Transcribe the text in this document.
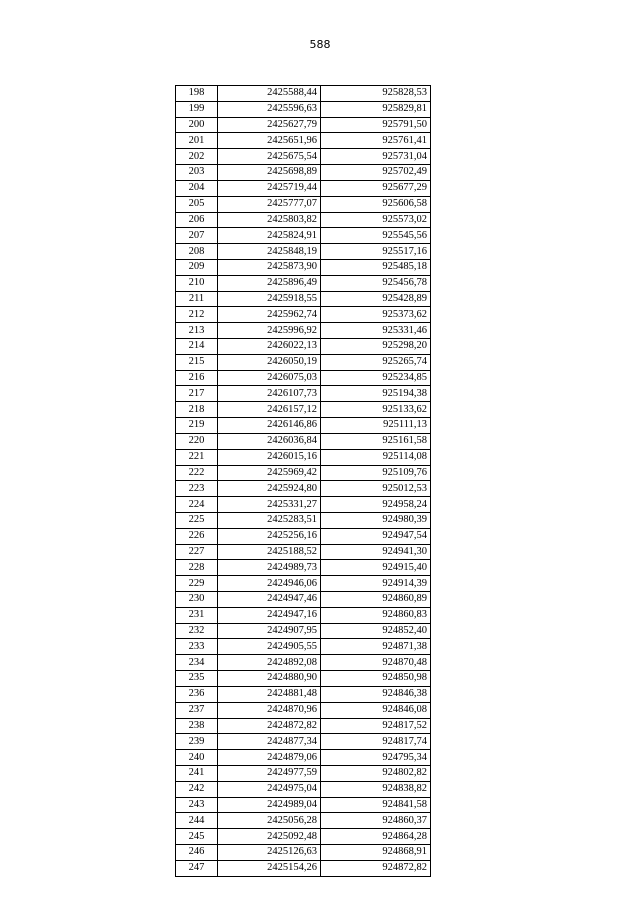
588
198	2425588,44	925828,53
199	2425596,63	925829,81
200	2425627,79	925791,50
201	2425651,96	925761,41
202	2425675,54	925731,04
203	2425698,89	925702,49
204	2425719,44	925677,29
205	2425777,07	925606,58
206	2425803,82	925573,02
207	2425824,91	925545,56
208	2425848,19	925517,16
209	2425873,90	925485,18
210	2425896,49	925456,78
211	2425918,55	925428,89
212	2425962,74	925373,62
213	2425996,92	925331,46
214	2426022,13	925298,20
215	2426050,19	925265,74
216	2426075,03	925234,85
217	2426107,73	925194,38
218	2426157,12	925133,62
219	2426146,86	925111,13
220	2426036,84	925161,58
221	2426015,16	925114,08
222	2425969,42	925109,76
223	2425924,80	925012,53
224	2425331,27	924958,24
225	2425283,51	924980,39
226	2425256,16	924947,54
227	2425188,52	924941,30
228	2424989,73	924915,40
229	2424946,06	924914,39
230	2424947,46	924860,89
231	2424947,16	924860,83
232	2424907,95	924852,40
233	2424905,55	924871,38
234	2424892,08	924870,48
235	2424880,90	924850,98
236	2424881,48	924846,38
237	2424870,96	924846,08
238	2424872,82	924817,52
239	2424877,34	924817,74
240	2424879,06	924795,34
241	2424977,59	924802,82
242	2424975,04	924838,82
243	2424989,04	924841,58
244	2425056,28	924860,37
245	2425092,48	924864,28
246	2425126,63	924868,91
247	2425154,26	924872,82
